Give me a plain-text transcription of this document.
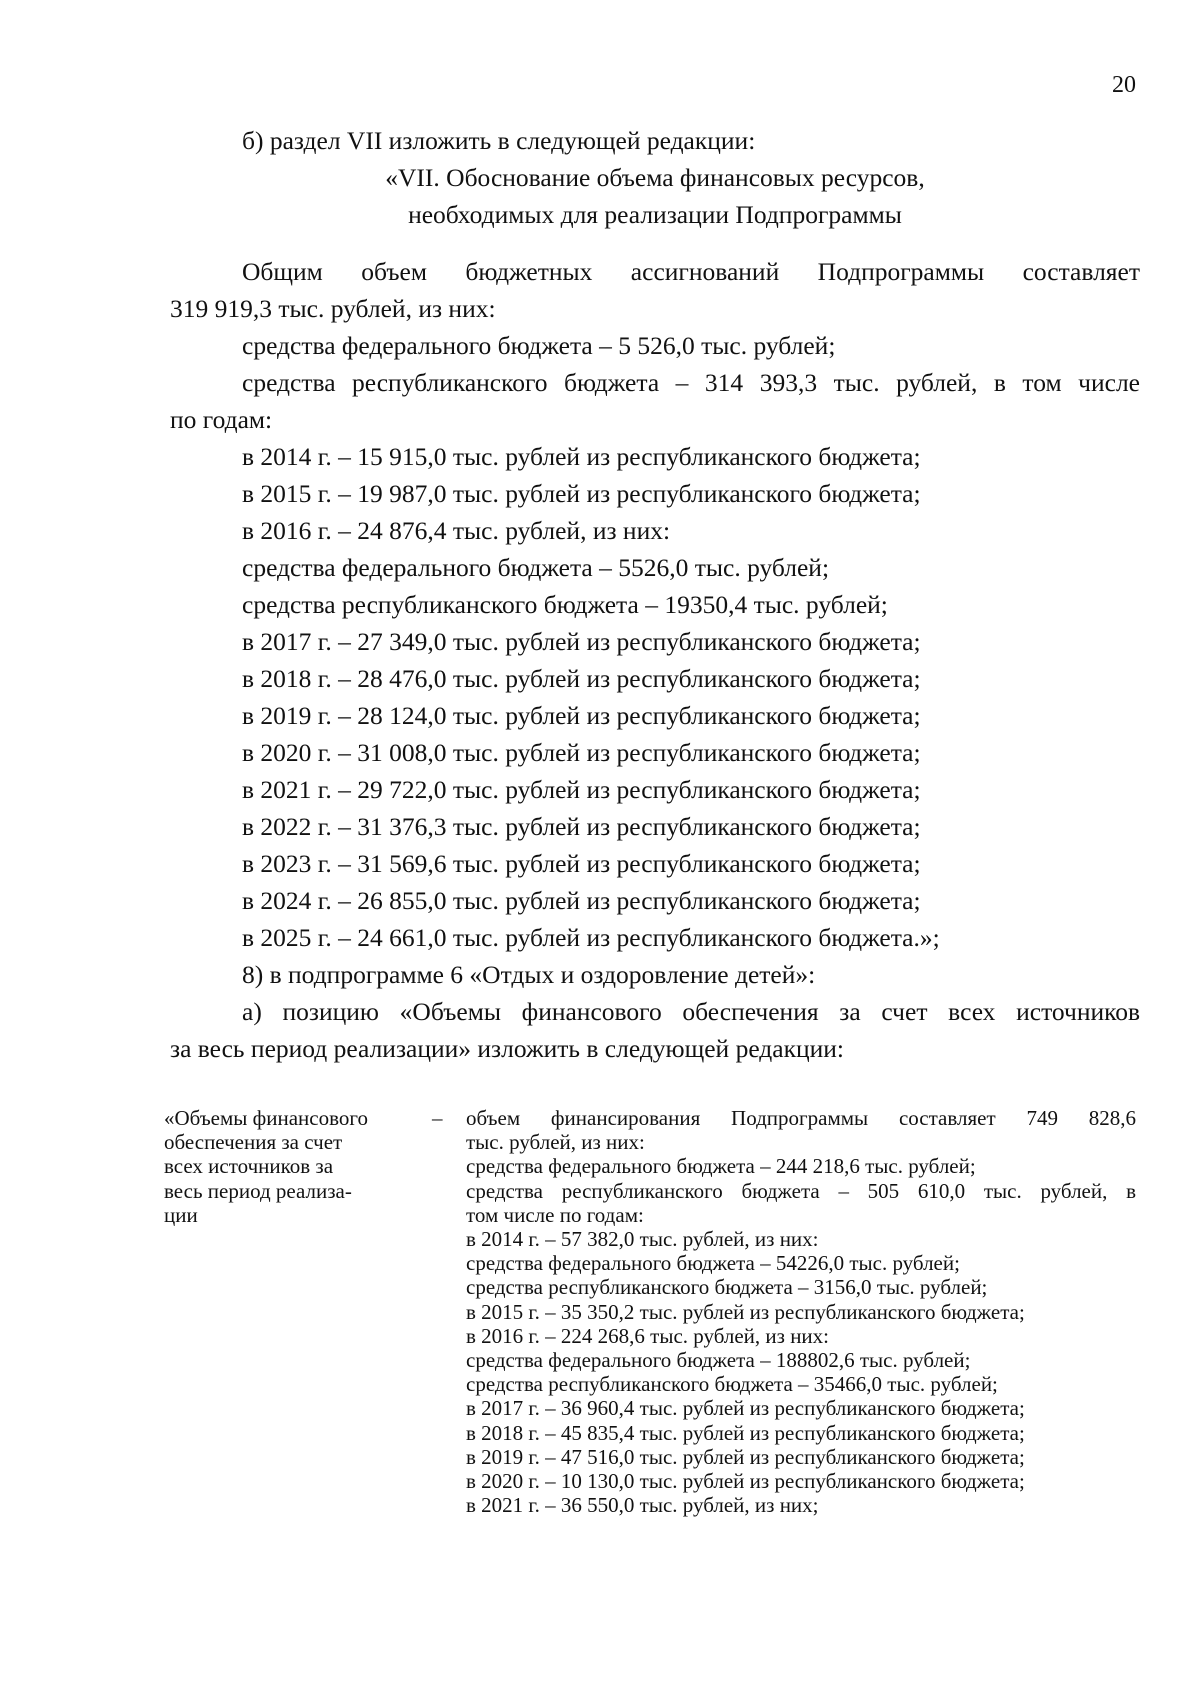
20
б) раздел VII изложить в следующей редакции:
«VII. Обоснование объема финансовых ресурсов,
необходимых для реализации Подпрограммы
Общим объем бюджетных ассигнований Подпрограммы составляет
319 919,3 тыс. рублей, из них:
средства федерального бюджета – 5 526,0 тыс. рублей;
средства республиканского бюджета – 314 393,3 тыс. рублей, в том числе
по годам:
в 2014 г. – 15 915,0 тыс. рублей из республиканского бюджета;
в 2015 г. – 19 987,0 тыс. рублей из республиканского бюджета;
в 2016 г. – 24 876,4 тыс. рублей, из них:
средства федерального бюджета – 5526,0 тыс. рублей;
средства республиканского бюджета – 19350,4 тыс. рублей;
в 2017 г. – 27 349,0 тыс. рублей из республиканского бюджета;
в 2018 г. – 28 476,0 тыс. рублей из республиканского бюджета;
в 2019 г. – 28 124,0 тыс. рублей из республиканского бюджета;
в 2020 г. – 31 008,0 тыс. рублей из республиканского бюджета;
в 2021 г. – 29 722,0 тыс. рублей из республиканского бюджета;
в 2022 г. – 31 376,3 тыс. рублей из республиканского бюджета;
в 2023 г. – 31 569,6 тыс. рублей из республиканского бюджета;
в 2024 г. – 26 855,0 тыс. рублей из республиканского бюджета;
в 2025 г. – 24 661,0 тыс. рублей из республиканского бюджета.»;
8) в подпрограмме 6 «Отдых и оздоровление детей»:
а) позицию «Объемы финансового обеспечения за счет всех источников
за весь период реализации» изложить в следующей редакции:
«Объемы финансового
обеспечения за счет
всех источников за
весь период реализа-
ции
–	объем финансирования Подпрограммы составляет 749 828,6
тыс. рублей, из них:
средства федерального бюджета – 244 218,6 тыс. рублей;
средства республиканского бюджета – 505 610,0 тыс. рублей, в
том числе по годам:
в 2014 г. – 57 382,0 тыс. рублей, из них:
средства федерального бюджета – 54226,0 тыс. рублей;
средства республиканского бюджета – 3156,0 тыс. рублей;
в 2015 г. – 35 350,2 тыс. рублей из республиканского бюджета;
в 2016 г. – 224 268,6 тыс. рублей, из них:
средства федерального бюджета – 188802,6 тыс. рублей;
средства республиканского бюджета – 35466,0 тыс. рублей;
в 2017 г. – 36 960,4 тыс. рублей из республиканского бюджета;
в 2018 г. – 45 835,4 тыс. рублей из республиканского бюджета;
в 2019 г. – 47 516,0 тыс. рублей из республиканского бюджета;
в 2020 г. – 10 130,0 тыс. рублей из республиканского бюджета;
в 2021 г. – 36 550,0 тыс. рублей, из них;
